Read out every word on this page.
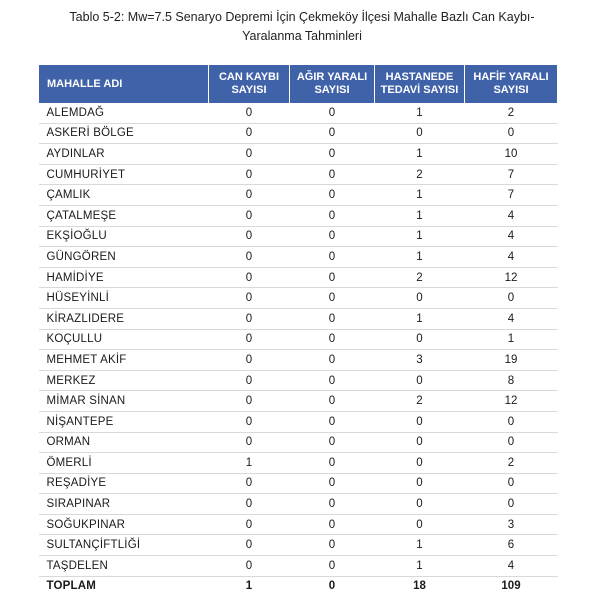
Tablo 5-2: Mw=7.5 Senaryo Depremi İçin Çekmeköy İlçesi Mahalle Bazlı Can Kaybı-
Yaralanma Tahminleri
MAHALLE ADI	CAN KAYBI SAYISI	AĞIR YARALI SAYISI	HASTANEDE TEDAVİ SAYISI	HAFİF YARALI SAYISI
ALEMDAĞ	0	0	1	2
ASKERİ BÖLGE	0	0	0	0
AYDINLAR	0	0	1	10
CUMHURİYET	0	0	2	7
ÇAMLIK	0	0	1	7
ÇATALMEŞE	0	0	1	4
EKŞİOĞLU	0	0	1	4
GÜNGÖREN	0	0	1	4
HAMİDİYE	0	0	2	12
HÜSEYİNLİ	0	0	0	0
KİRAZLIDERE	0	0	1	4
KOÇULLU	0	0	0	1
MEHMET AKİF	0	0	3	19
MERKEZ	0	0	0	8
MİMAR SİNAN	0	0	2	12
NİŞANTEPE	0	0	0	0
ORMAN	0	0	0	0
ÖMERLİ	1	0	0	2
REŞADİYE	0	0	0	0
SIRAPINAR	0	0	0	0
SOĞUKPINAR	0	0	0	3
SULTANÇİFTLİĞİ	0	0	1	6
TAŞDELEN	0	0	1	4
TOPLAM	1	0	18	109
